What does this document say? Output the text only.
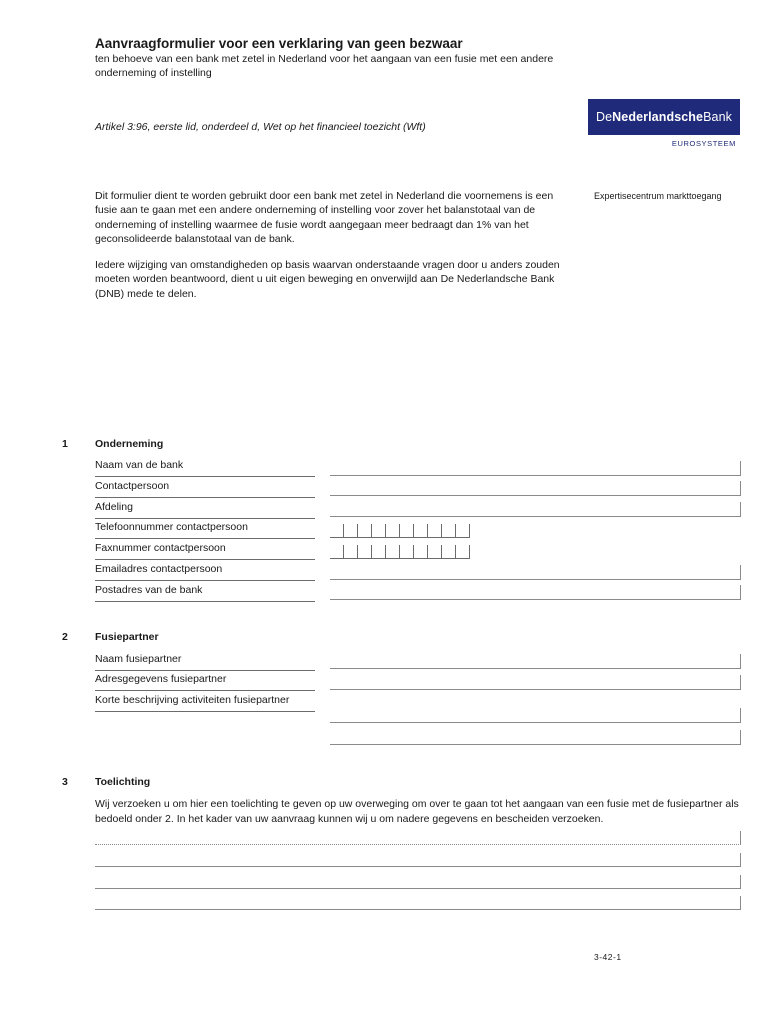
Aanvraagformulier voor een verklaring van geen bezwaar
ten behoeve van een bank met zetel in Nederland voor het aangaan van een fusie met een andere onderneming of instelling
Artikel 3:96, eerste lid, onderdeel d, Wet op het financieel toezicht (Wft)
De Nederlandsche Bank
EUROSYSTEEM

Dit formulier dient te worden gebruikt door een bank met zetel in Nederland die voornemens is een fusie aan te gaan met een andere onderneming of instelling voor zover het balanstotaal van de onderneming of instelling waarmee de fusie wordt aangegaan meer bedraagt dan 1% van het geconsolideerde balanstotaal van de bank.

Iedere wijziging van omstandigheden op basis waarvan onderstaande vragen door u anders zouden moeten worden beantwoord, dient u uit eigen beweging en onverwijld aan De Nederlandsche Bank (DNB) mede te delen.

Expertisecentrum markttoegang
1	Onderneming
Naam van de bank
Contactpersoon
Afdeling
Telefoonnummer contactpersoon
Faxnummer contactpersoon
Emailadres contactpersoon
Postadres van de bank
2	Fusiepartner
Naam fusiepartner
Adresgegevens fusiepartner
Korte beschrijving activiteiten fusiepartner
3	Toelichting
Wij verzoeken u om hier een toelichting te geven op uw overweging om over te gaan tot het aangaan van een fusie met de fusiepartner als bedoeld onder 2. In het kader van uw aanvraag kunnen wij u om nadere gegevens en bescheiden verzoeken.
3-42-1
